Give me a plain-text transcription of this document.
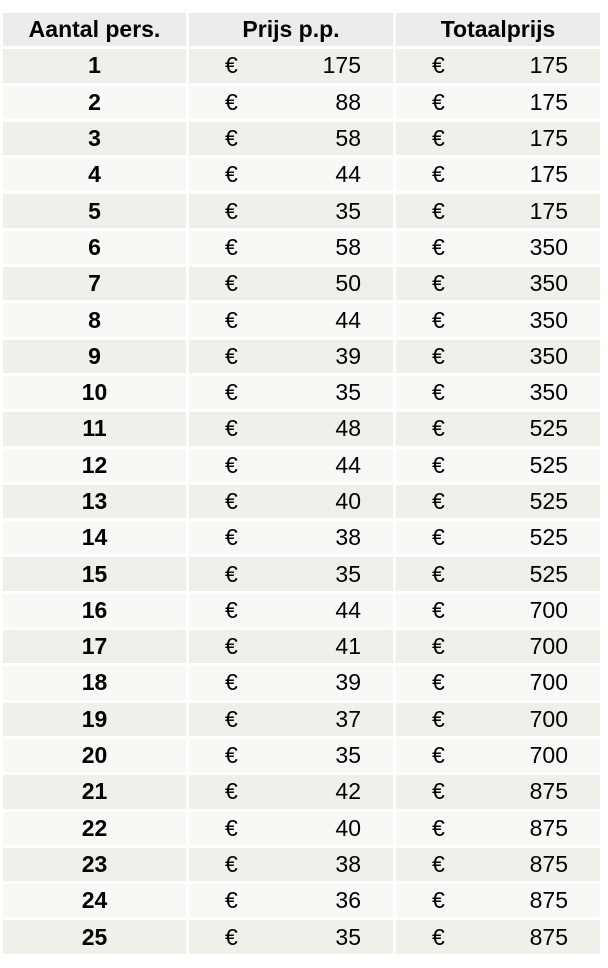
Aantal pers.	Prijs p.p.	Totaalprijs
1	€ 175	€ 175

2	€ 88	€ 175

3	€ 58	€ 175

4	€ 44	€ 175

5	€ 35	€ 175

6	€ 58	€ 350

7	€ 50	€ 350

8	€ 44	€ 350

9	€ 39	€ 350

10	€ 35	€ 350

11	€ 48	€ 525

12	€ 44	€ 525

13	€ 40	€ 525

14	€ 38	€ 525

15	€ 35	€ 525

16	€ 44	€ 700

17	€ 41	€ 700

18	€ 39	€ 700

19	€ 37	€ 700

20	€ 35	€ 700

21	€ 42	€ 875

22	€ 40	€ 875

23	€ 38	€ 875

24	€ 36	€ 875

25	€ 35	€ 875
